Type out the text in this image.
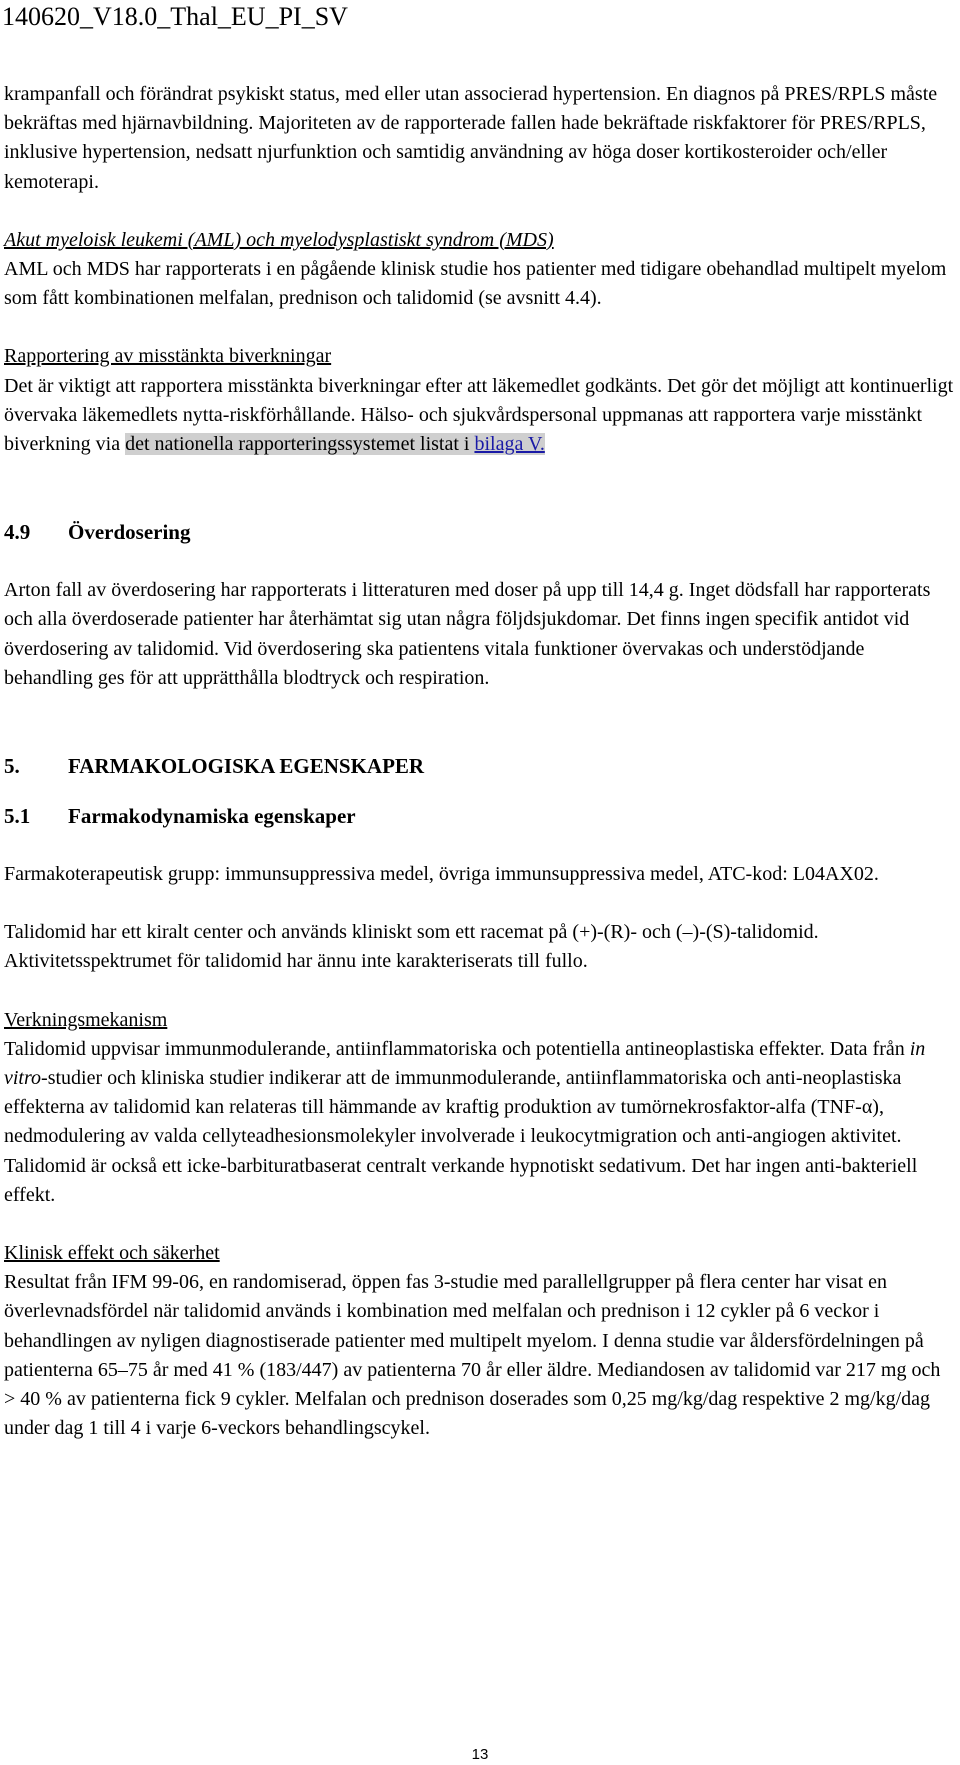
140620_V18.0_Thal_EU_PI_SV

krampanfall och förändrat psykiskt status, med eller utan associerad hypertension. En diagnos på PRES/RPLS måste bekräftas med hjärnavbildning. Majoriteten av de rapporterade fallen hade bekräftade riskfaktorer för PRES/RPLS, inklusive hypertension, nedsatt njurfunktion och samtidig användning av höga doser kortikosteroider och/eller kemoterapi.

Akut myeloisk leukemi (AML) och myelodysplastiskt syndrom (MDS)

AML och MDS har rapporterats i en pågående klinisk studie hos patienter med tidigare obehandlad multipelt myelom som fått kombinationen melfalan, prednison och talidomid (se avsnitt 4.4).

Rapportering av misstänkta biverkningar

Det är viktigt att rapportera misstänkta biverkningar efter att läkemedlet godkänts. Det gör det möjligt att kontinuerligt övervaka läkemedlets nytta-riskförhållande. Hälso- och sjukvårdspersonal uppmanas att rapportera varje misstänkt biverkning via det nationella rapporteringssystemet listat i bilaga V.

4.9 Överdosering

Arton fall av överdosering har rapporterats i litteraturen med doser på upp till 14,4 g. Inget dödsfall har rapporterats och alla överdoserade patienter har återhämtat sig utan några följdsjukdomar. Det finns ingen specifik antidot vid överdosering av talidomid. Vid överdosering ska patientens vitala funktioner övervakas och understödjande behandling ges för att upprätthålla blodtryck och respiration.

5. FARMAKOLOGISKA EGENSKAPER

5.1 Farmakodynamiska egenskaper

Farmakoterapeutisk grupp: immunsuppressiva medel, övriga immunsuppressiva medel, ATC-kod: L04AX02.

Talidomid har ett kiralt center och används kliniskt som ett racemat på (+)-(R)- och (–)-(S)-talidomid. Aktivitetsspektrumet för talidomid har ännu inte karakteriserats till fullo.

Verkningsmekanism

Talidomid uppvisar immunmodulerande, antiinflammatoriska och potentiella antineoplastiska effekter. Data från in vitro-studier och kliniska studier indikerar att de immunmodulerande, antiinflammatoriska och anti-neoplastiska effekterna av talidomid kan relateras till hämmande av kraftig produktion av tumörnekrosfaktor-alfa (TNF-α), nedmodulering av valda cellyteadhesionsmolekyler involverade i leukocytmigration och anti-angiogen aktivitet. Talidomid är också ett icke-barbituratbaserat centralt verkande hypnotiskt sedativum. Det har ingen anti-bakteriell effekt.

Klinisk effekt och säkerhet

Resultat från IFM 99-06, en randomiserad, öppen fas 3-studie med parallellgrupper på flera center har visat en överlevnadsfördel när talidomid används i kombination med melfalan och prednison i 12 cykler på 6 veckor i behandlingen av nyligen diagnostiserade patienter med multipelt myelom. I denna studie var åldersfördelningen på patienterna 65–75 år med 41 % (183/447) av patienterna 70 år eller äldre. Mediandosen av talidomid var 217 mg och > 40 % av patienterna fick 9 cykler. Melfalan och prednison doserades som 0,25 mg/kg/dag respektive 2 mg/kg/dag under dag 1 till 4 i varje 6-veckors behandlingscykel.

13
